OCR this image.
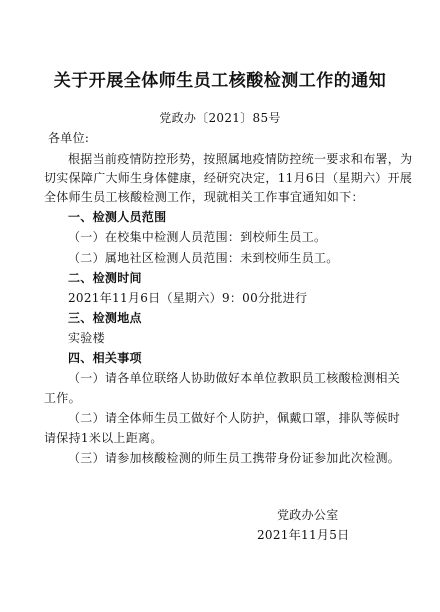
关于开展全体师生员工核酸检测工作的通知
党政办〔2021〕85号
各单位:
根据当前疫情防控形势，按照属地疫情防控统一要求和布署，为
切实保障广大师生身体健康，经研究决定，11月6日（星期六）开展
全体师生员工核酸检测工作，现就相关工作事宜通知如下：
一、检测人员范围
（一）在校集中检测人员范围：到校师生员工。
（二）属地社区检测人员范围：未到校师生员工。
二、检测时间
2021年11月6日（星期六）9：00分批进行
三、检测地点
实验楼
四、相关事项
（一）请各单位联络人协助做好本单位教职员工核酸检测相关
工作。
（二）请全体师生员工做好个人防护，佩戴口罩，排队等候时
请保持1米以上距离。
（三）请参加核酸检测的师生员工携带身份证参加此次检测。
党政办公室
2021年11月5日
